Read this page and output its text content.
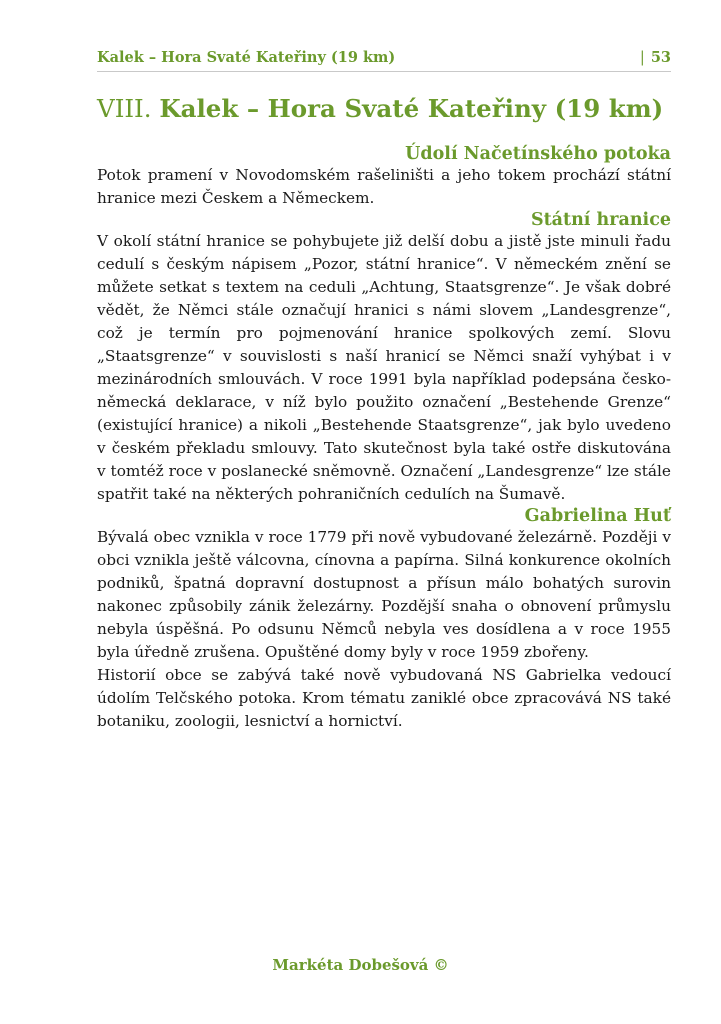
Kalek – Hora Svaté Kateřiny (19 km)	| 53
VIII. Kalek – Hora Svaté Kateřiny (19 km)
Údolí Načetínského potoka

Potok pramení v Novodomském rašeliništi a jeho tokem prochází státní hranice mezi Českem a Německem.

Státní hranice

V okolí státní hranice se pohybujete již delší dobu a jistě jste minuli řadu cedulí s českým nápisem „Pozor, státní hranice“. V německém znění se můžete setkat s textem na ceduli „Achtung, Staatsgrenze“. Je však dobré vědět, že Němci stále označují hranici s námi slovem „Landesgrenze“, což je termín pro pojmenování hranice spolkových zemí. Slovu „Staatsgrenze“ v souvislosti s naší hranicí se Němci snaží vyhýbat i v mezinárodních smlouvách. V roce 1991 byla například podepsána česko-německá deklarace, v níž bylo použito označení „Bestehende Grenze“ (existující hranice) a nikoli „Bestehende Staatsgrenze“, jak bylo uvedeno v českém překladu smlouvy. Tato skutečnost byla také ostře diskutována v tomtéž roce v poslanecké sněmovně. Označení „Landesgrenze“ lze stále spatřit také na některých pohraničních cedulích na Šumavě.

Gabrielina Huť

Bývalá obec vznikla v roce 1779 při nově vybudované železárně. Později v obci vznikla ještě válcovna, cínovna a papírna. Silná konkurence okolních podniků, špatná dopravní dostupnost a přísun málo bohatých surovin nakonec způsobily zánik železárny. Pozdější snaha o obnovení průmyslu nebyla úspěšná. Po odsunu Němců nebyla ves dosídlena a v roce 1955 byla úředně zrušena. Opuštěné domy byly v roce 1959 zbořeny.

Historií obce se zabývá také nově vybudovaná NS Gabrielka vedoucí údolím Telčského potoka. Krom tématu zaniklé obce zpracovává NS také botaniku, zoologii, lesnictví a hornictví.

Markéta Dobešová ©
